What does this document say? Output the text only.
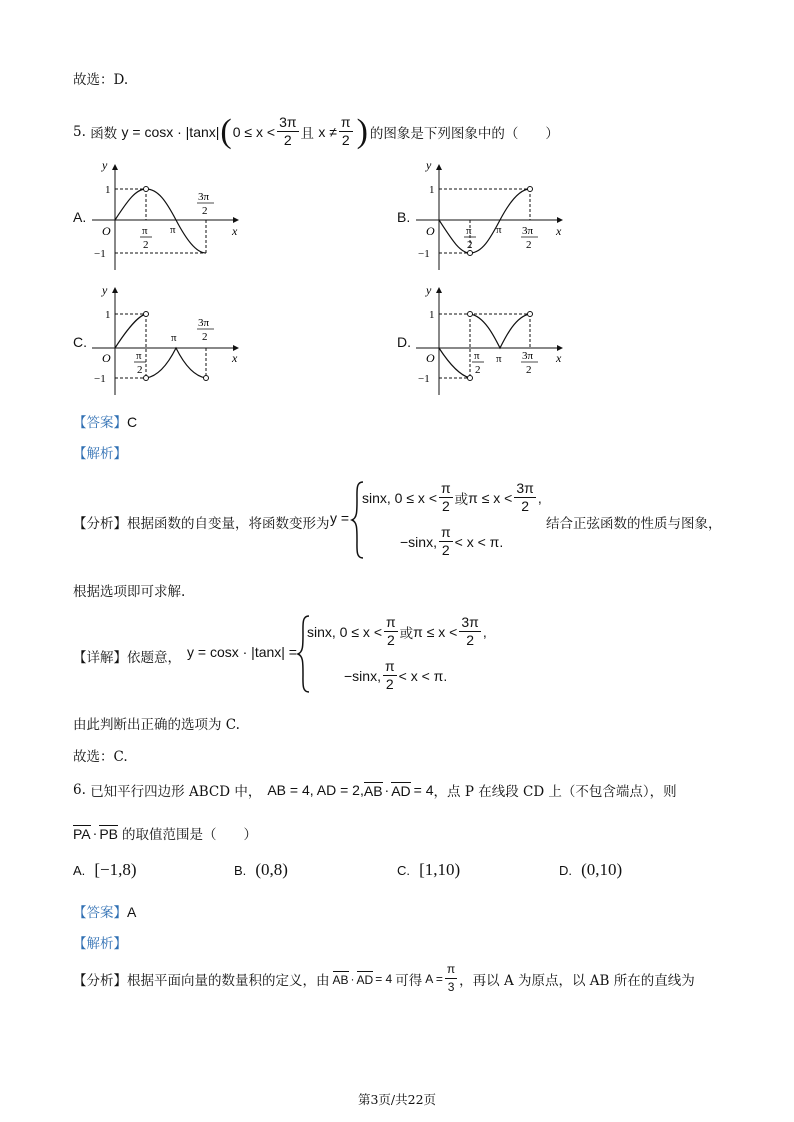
故选：D.
5.
函数
y = cosx · |tanx| ( $0 \le x < \frac{3\pi}{2}$ 且
$x \ne \frac{\pi}{2}$ ) 的图象是下列图象中的（　　）
A.	B.
C.	D.
y
x
O
1
−1
π
2
π
3π
2
y
x
O
1
−1
π
2
π 3π
2
y
x
O
1
−1
π
2
π
3π
2
y
x
O
1
−1
π
2
π 3π
2
【答案】C
【解析】
【分析】根据函数的自变量，将函数变形为 y =
sinx, $0 \le x < \frac{\pi}{2}$ 或 $\pi \le x < \frac{3\pi}{2}$ ,
−sinx, $\frac{\pi}{2} < x < \pi$.
结合正弦函数的性质与图象，
根据选项即可求解.
【详解】依题意， y = cosx · |tanx| =
sinx, $0 \le x < \frac{\pi}{2}$ 或 $\pi \le x < \frac{3\pi}{2}$ ,
−sinx, $\frac{\pi}{2} < x < \pi$.
由此判断出正确的选项为 C.
故选：C.
6.
已知平行四边形 ABCD 中， AB = 4, AD = 2, AB · AD = 4 ，点 P 在线段 CD 上（不包含端点），则
PA · PB 的取值范围是（　　）
A. [−1,8)	B. (0,8)	C. [1,10)	D. (0,10)
【答案】A
【解析】
【分析】 根据平面向量的数量积的定义，由 AB · AD = 4 可得 $A = \frac{\pi}{3}$ ，再以 A 为原点，以 AB 所在的直线为
第3页/共22页
